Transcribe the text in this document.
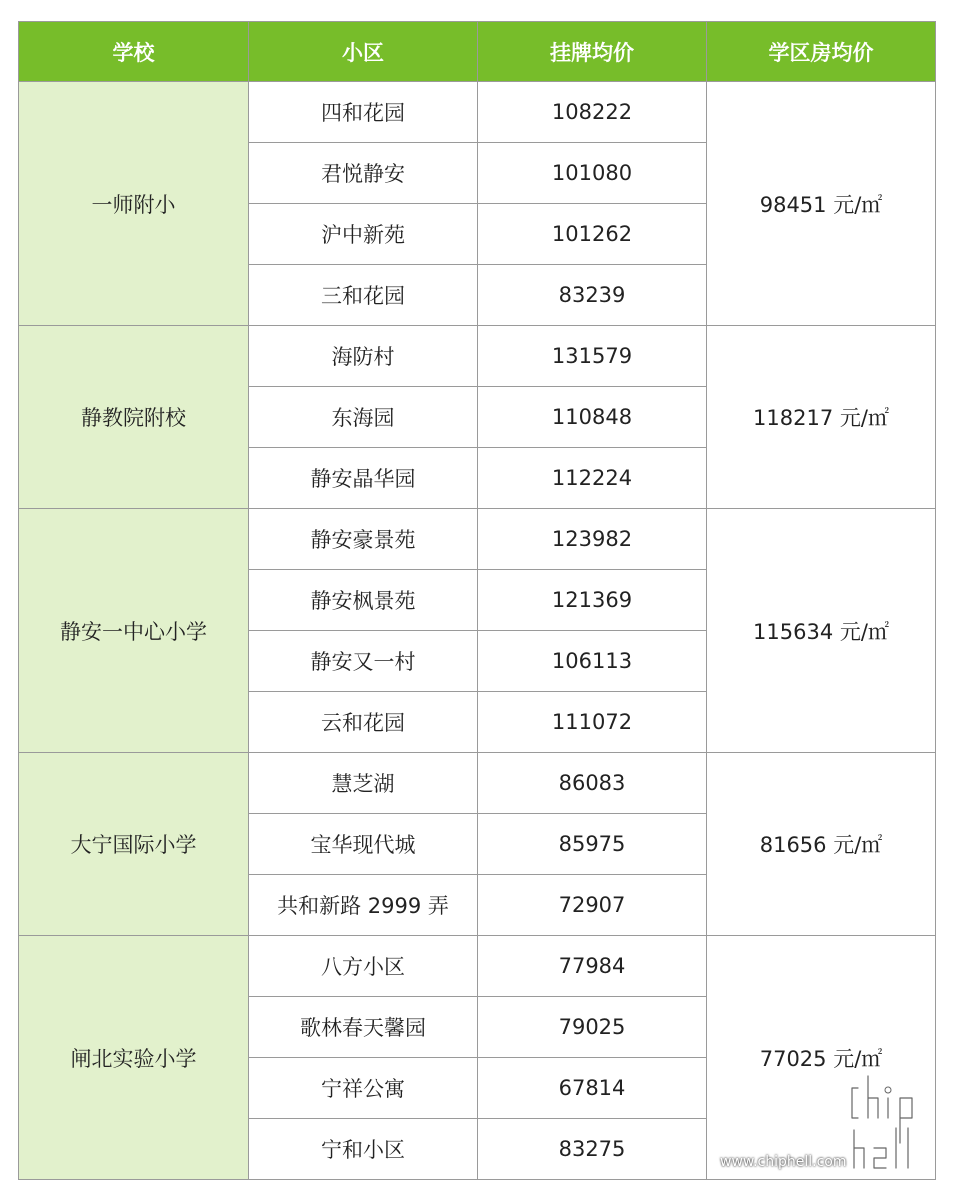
学校	小区	挂牌均价	学区房均价
一师附小	四和花园	108222	98451 元/㎡
	君悦静安	101080	
	沪中新苑	101262	
	三和花园	83239	
静教院附校	海防村	131579	118217 元/㎡
	东海园	110848	
	静安晶华园	112224	
静安一中心小学	静安豪景苑	123982	115634 元/㎡
	静安枫景苑	121369	
	静安又一村	106113	
	云和花园	111072	
大宁国际小学	慧芝湖	86083	81656 元/㎡
	宝华现代城	85975	
	共和新路 2999 弄	72907	
闸北实验小学	八方小区	77984	77025 元/㎡
	歌林春天馨园	79025	
	宁祥公寓	67814	
	宁和小区	83275	
www.chiphell.com
